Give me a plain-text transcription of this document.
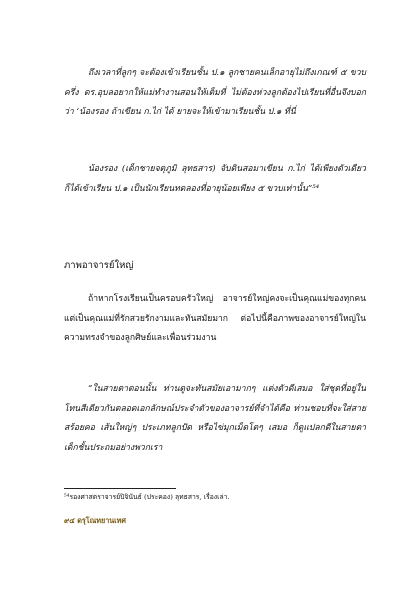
ถึงเวลาที่ลูกๆ จะต้องเข้าเรียนชั้น ป.๑ ลูกชายคนเล็กอายุไม่ถึงเกณฑ์ ๕ ขวบครึ่ง ดร.อุบลอยากให้แม่ทำงานสอนให้เต็มที่ ไม่ต้องห่วงลูกต้องไปเรียนที่อื่นจึงบอกว่า ‘น้องรอง ถ้าเขียน ก.ไก่ ได้ ยายจะให้เข้ามาเรียนชั้น ป.๑ ที่นี่

น้องรอง (เด็กชายจตุภูมิ ลุทธสาร) จับดินสอมาเขียน ก.ไก่ ได้เพียงตัวเดียว ก็ได้เข้าเรียน ป.๑ เป็นนักเรียนทดลองที่อายุน้อยเพียง ๕ ขวบเท่านั้น”⁵⁴

ภาพอาจารย์ใหญ่

ถ้าหากโรงเรียนเป็นครอบครัวใหญ่ อาจารย์ใหญ่คงจะเป็นคุณแม่ของทุกคน แต่เป็นคุณแม่ที่รักสวยรักงามและทันสมัยมาก ต่อไปนี้คือภาพของอาจารย์ใหญ่ในความทรงจำของลูกศิษย์และเพื่อนร่วมงาน

“ในสายตาตอนนั้น ท่านดูจะทันสมัยเอามากๆ แต่งตัวดีเสมอ ใส่ชุดที่อยู่ในโทนสีเดียวกันตลอดเอกลักษณ์ประจำตัวของอาจารย์ที่จำได้คือ ท่านชอบที่จะใส่สายสร้อยคอ เส้นใหญ่ๆ ประเภทลูกปัด หรือไข่มุกเม็ดโตๆ เสมอ ก็ดูแปลกดีในสายตาเด็กชั้นประถมอย่างพวกเรา

⁵⁴รองศาสตราจารย์ปิจินันธ์ (ประคอง) ลุทธสาร, เรื่องเล่า.

๙๔ ดรุโณทยานเทศ
